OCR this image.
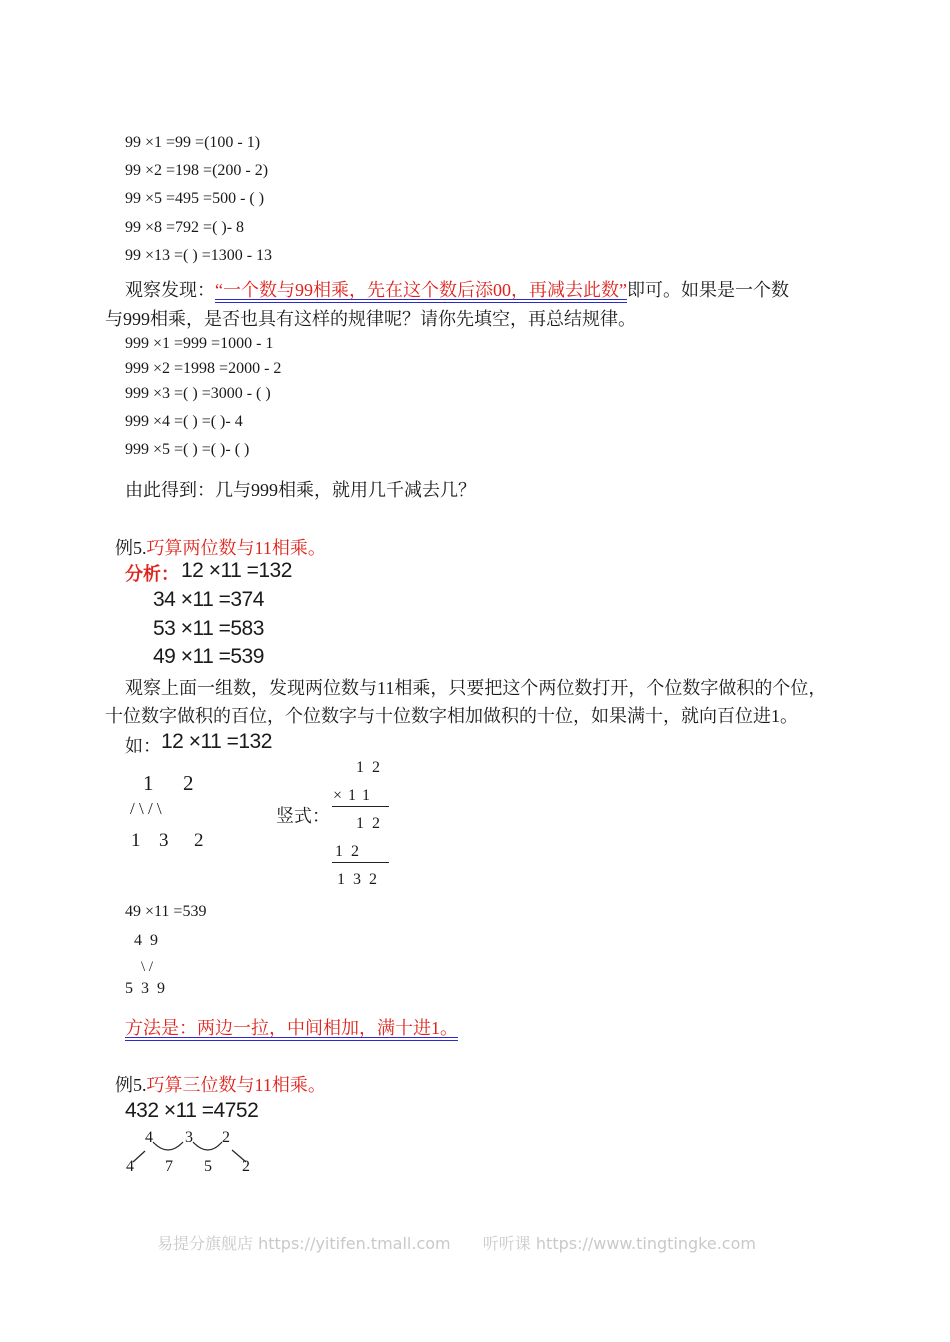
99 ×1 =99 =(100 - 1)
99 ×2 =198 =(200 - 2)
99 ×5 =495 =500 - ( )
99 ×8 =792 =( )- 8
99 ×13 =( ) =1300 - 13
观察发现：“一个数与99相乘，先在这个数后添00，再减去此数”即可。如果是一个数
与999相乘，是否也具有这样的规律呢？请你先填空，再总结规律。
999 ×1 =999 =1000 - 1
999 ×2 =1998 =2000 - 2
999 ×3 =( ) =3000 - ( )
999 ×4 =( ) =( )- 4
999 ×5 =( ) =( )- ( )
由此得到：几与999相乘，就用几千减去几？
例5.巧算两位数与11相乘。
分析： 12 ×11 =132
34 ×11 =374
53 ×11 =583
49 ×11 =539
观察上面一组数，发现两位数与11相乘，只要把这个两位数打开，个位数字做积的个位，
十位数字做积的百位，个位数字与十位数字相加做积的十位，如果满十，就向百位进1。
如： 12 ×11 =132
1 2
/ \ / \
1 3 2
竖式：
1 2
× 1 1
1 2
1 2
1 3 2
49 ×11 =539
4  9
\ /
5  3  9
方法是：两边一拉，中间相加，满十进1。
例5.巧算三位数与11相乘。
432 ×11 =4752
4 3 2
4 7 5 2
易提分旗舰店 https://yitifen.tmall.com 听听课 https://www.tingtingke.com
